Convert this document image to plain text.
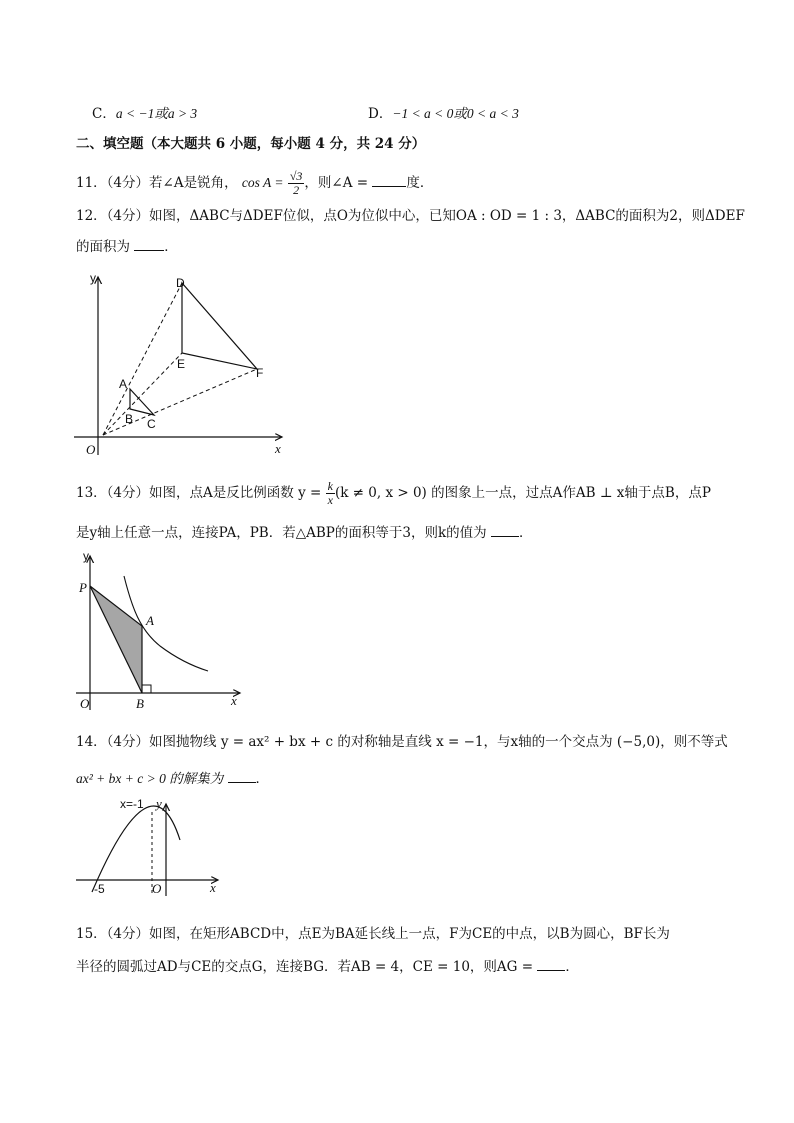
C．a < −1或a > 3	D．−1 < a < 0或0 < a < 3
二、填空题（本大题共 6 小题，每小题 4 分，共 24 分）
11．（4分）若∠A是锐角， $\cos A = \frac{√3}{2}$ ，则∠A =	度．
12．（4分）如图，ΔABC与ΔDEF位似，点O为位似中心，已知OA : OD = 1 : 3，ΔABC的面积为2，则ΔDEF
的面积为	．
y
x
O
A
B C
D
E
F
13．（4分）如图，点A是反比例函数 $y = \frac{k}{x} (k \ne 0$, x > 0) 的图象上一点，过点A作AB ⊥ x轴于点B，点P
是y轴上任意一点，连接PA，PB．若△ABP的面积等于3，则k的值为 ．
y
x
O
P
A
B
14．（4分）如图抛物线 y = ax² + bx + c 的对称轴是直线 x = −1，与x轴的一个交点为 (−5,0)，则不等式
ax² + bx + c > 0 的解集为 ．
x=-1 y
x
O
-5
15．（4分）如图，在矩形ABCD中，点E为BA延长线上一点，F为CE的中点，以B为圆心，BF长为
半径的圆弧过AD与CE的交点G，连接BG．若AB = 4，CE = 10，则AG = ．
